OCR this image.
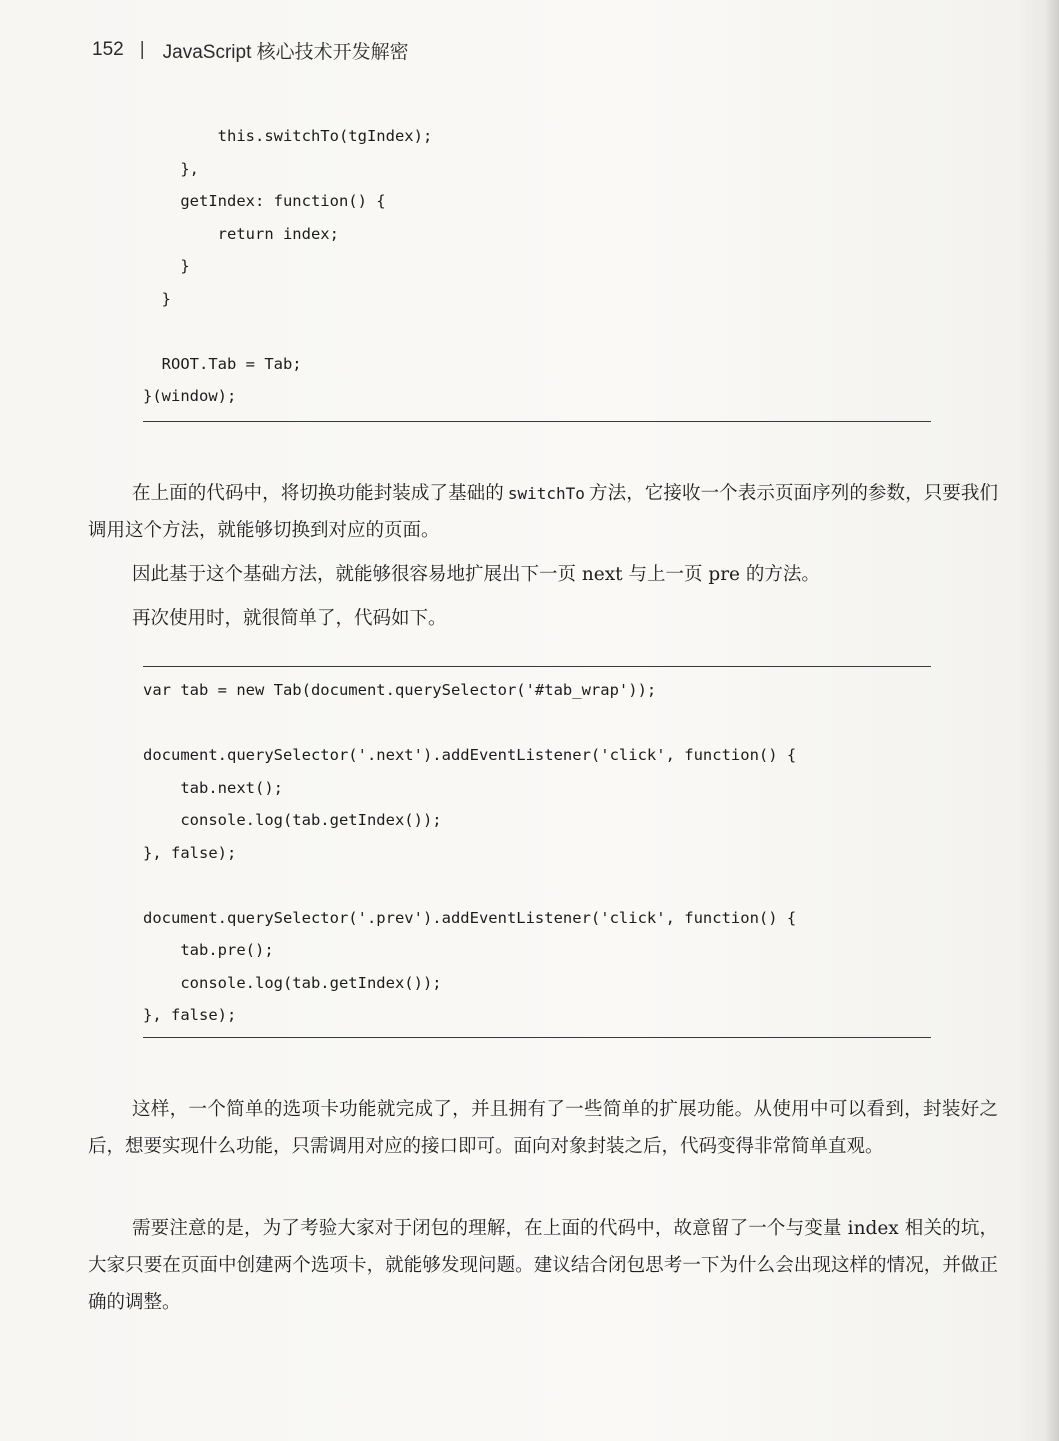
152 | JavaScript 核心技术开发解密
this.switchTo(tgIndex);
},
getIndex: function() {
return index;
}
}
ROOT.Tab = Tab;
}(window);
在上面的代码中，将切换功能封装成了基础的 switchTo 方法，它接收一个表示页面序列的参数，只要我们调用这个方法，就能够切换到对应的页面。
因此基于这个基础方法，就能够很容易地扩展出下一页 next 与上一页 pre 的方法。
再次使用时，就很简单了，代码如下。
var tab = new Tab(document.querySelector('#tab_wrap'));
document.querySelector('.next').addEventListener('click', function() {
tab.next();
console.log(tab.getIndex());
}, false);
document.querySelector('.prev').addEventListener('click', function() {
tab.pre();
console.log(tab.getIndex());
}, false);
这样，一个简单的选项卡功能就完成了，并且拥有了一些简单的扩展功能。从使用中可以看到，封装好之后，想要实现什么功能，只需调用对应的接口即可。面向对象封装之后，代码变得非常简单直观。
需要注意的是，为了考验大家对于闭包的理解，在上面的代码中，故意留了一个与变量 index 相关的坑，大家只要在页面中创建两个选项卡，就能够发现问题。建议结合闭包思考一下为什么会出现这样的情况，并做正确的调整。
